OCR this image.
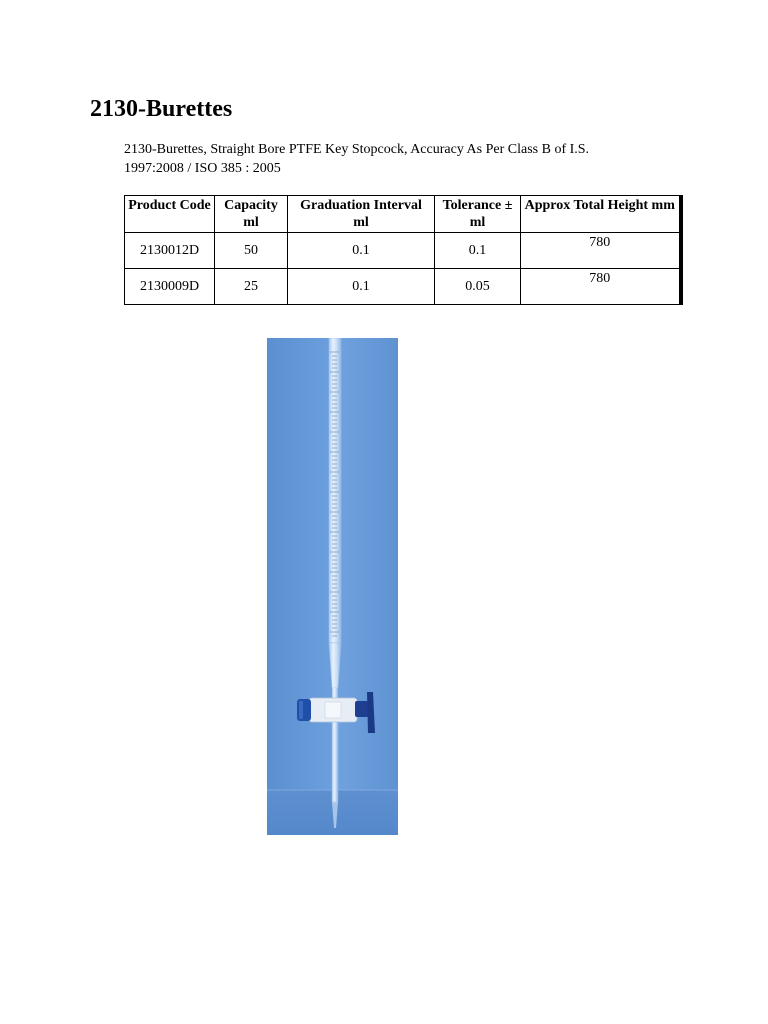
2130-Burettes
2130-Burettes, Straight Bore PTFE Key Stopcock, Accuracy As Per Class B of I.S. 1997:2008 / ISO 385 : 2005
Product Code	Capacity ml	Graduation Interval ml	Tolerance ± ml	Approx Total Height mm
2130012D	50	0.1	0.1	780
2130009D	25	0.1	0.05	780
